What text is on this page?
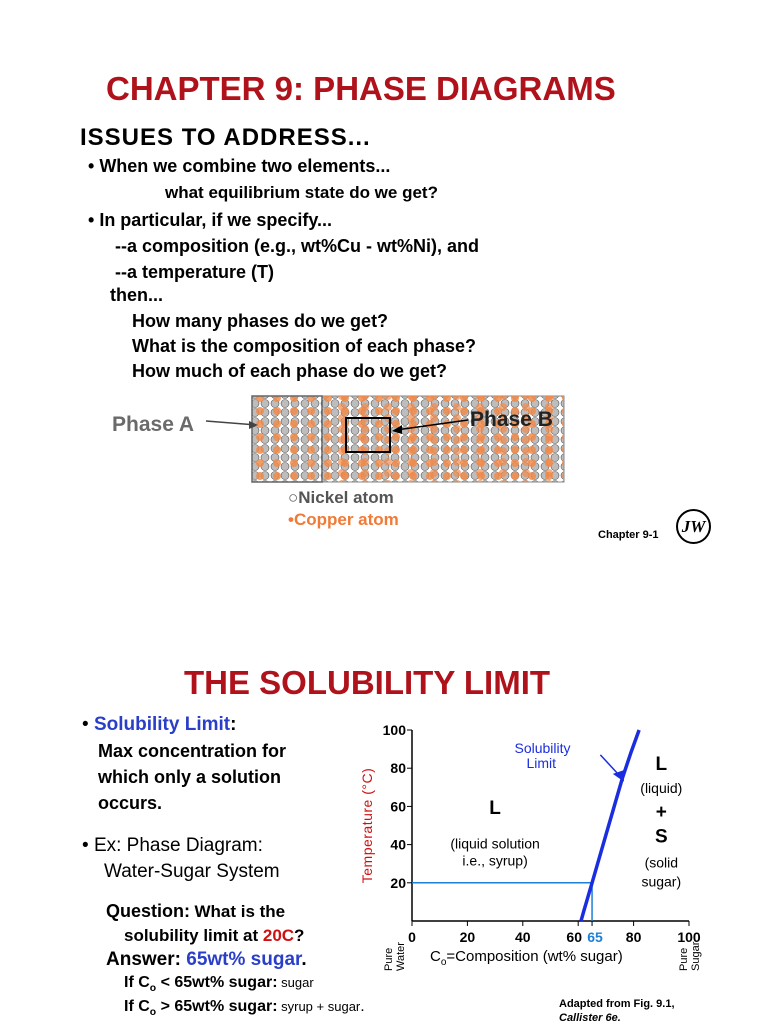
CHAPTER 9: PHASE DIAGRAMS
ISSUES TO ADDRESS...
• When we combine two elements...
what equilibrium state do we get?
• In particular, if we specify...
--a composition (e.g., wt%Cu - wt%Ni), and
--a temperature (T)
then...
How many phases do we get?
What is the composition of each phase?
How much of each phase do we get?
Phase A	Phase B
○Nickel atom
•Copper atom
Chapter 9-1	JW
THE SOLUBILITY LIMIT
• Solubility Limit:
Max concentration for
which only a solution
occurs.
• Ex: Phase Diagram:
Water-Sugar System
Question: What is the
solubility limit at 20C?
Answer: 65wt% sugar.
If $C_o < 65wt\%$ sugar: sugar
If $C_o > 65wt\%$ sugar: syrup + sugar.	Adapted from Fig. 9.1,
Callister 6e.
20
40
60
80
100
0	20	40	60 65 80	100
Temperature (°C)
$C_o=Composition$ (wt% sugar)
Pure Water	Pure Sugar
Solubility
Limit
L
(liquid solution
i.e., syrup)
L
(liquid)
+
S
(solid
sugar)
